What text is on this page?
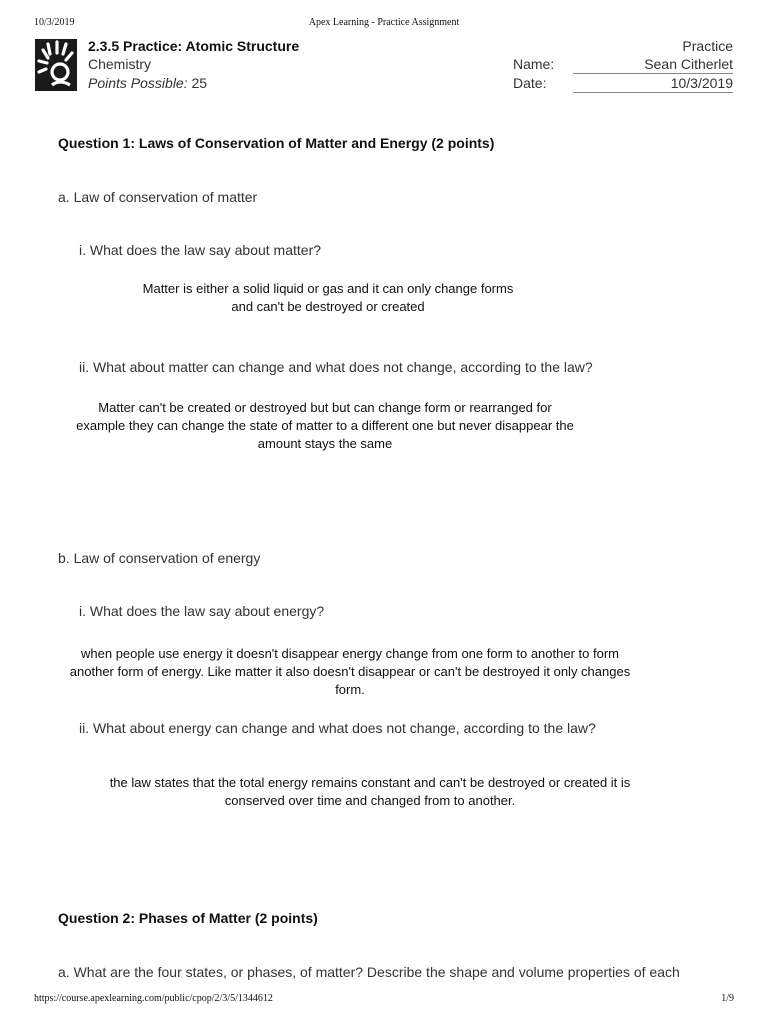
10/3/2019	Apex Learning - Practice Assignment
2.3.5 Practice: Atomic Structure
Chemistry
Points Possible: 25
Practice
Name:	Sean Citherlet
Date:	10/3/2019
Question 1: Laws of Conservation of Matter and Energy (2 points)
a. Law of conservation of matter
i. What does the law say about matter?
Matter is either a solid liquid or gas and it can only change forms
and can't be destroyed or created
ii. What about matter can change and what does not change, according to the law?
Matter can't be created or destroyed but but can change form or rearranged for
example they can change the state of matter to a different one but never disappear the
amount stays the same
b. Law of conservation of energy
i. What does the law say about energy?
when people use energy it doesn't disappear energy change from one form to another to form
another form of energy. Like matter it also doesn't disappear or can't be destroyed it only changes
form.
ii. What about energy can change and what does not change, according to the law?
the law states that the total energy remains constant and can't be destroyed or created it is
conserved over time and changed from to another.
Question 2: Phases of Matter (2 points)
a. What are the four states, or phases, of matter? Describe the shape and volume properties of each
https://course.apexlearning.com/public/cpop/2/3/5/1344612	1/9
